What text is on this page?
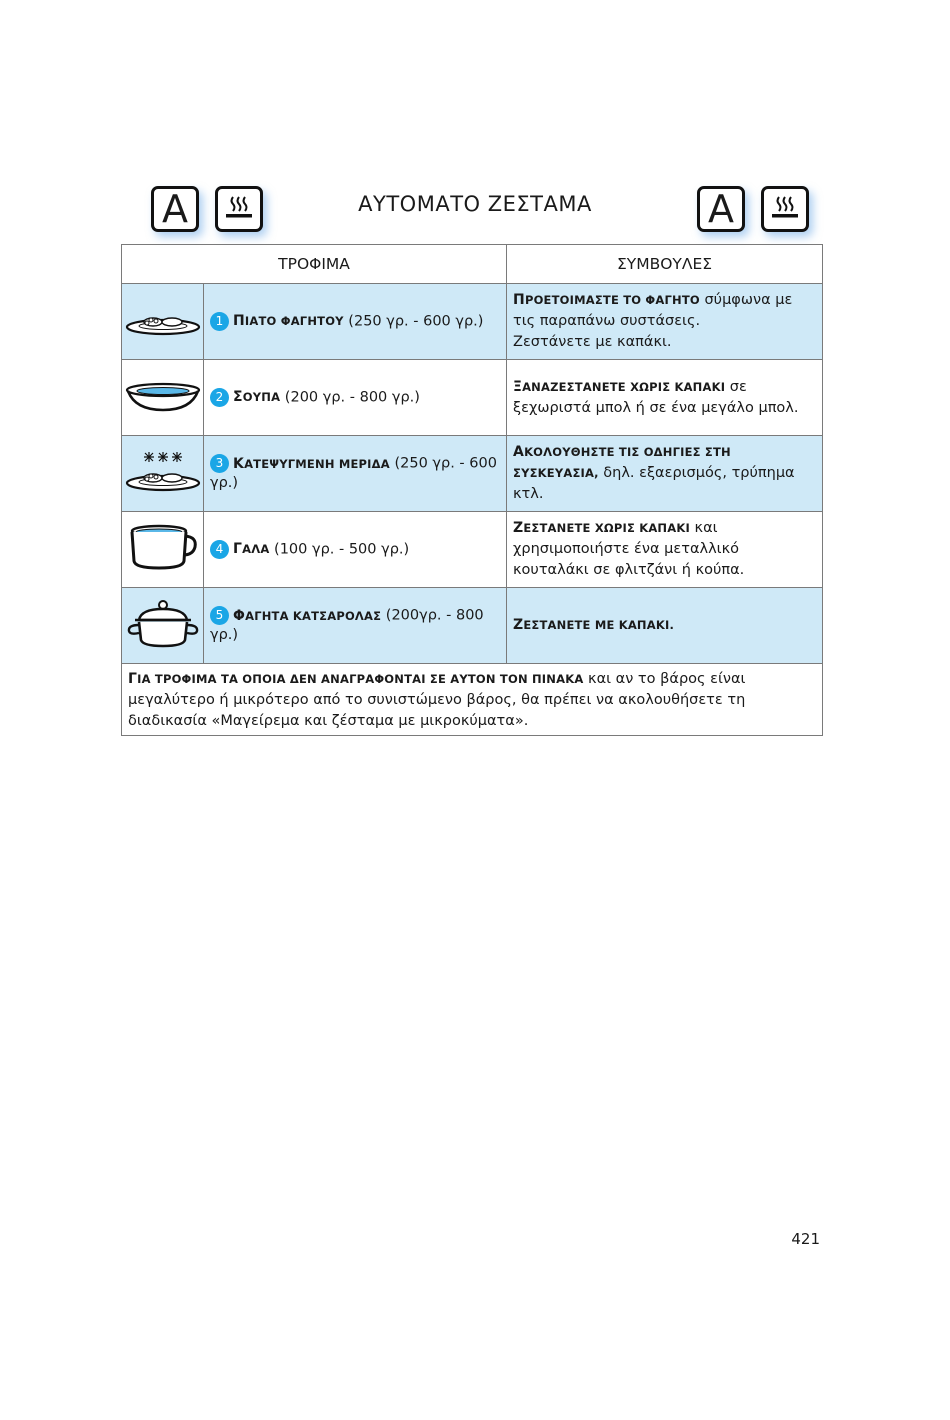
A	ΑΥΤΟΜΑΤΟ ΖΕΣΤΑΜΑ	A
ΤΡΟΦΙΜΑ		ΣΥΜΒΟΥΛΕΣ
	1 ΠΙΑΤΟ ΦΑΓΗΤΟΥ (250 γρ. - 600 γρ.)	ΠΡΟΕΤΟΙΜΑΣΤΕ ΤΟ ΦΑΓΗΤΟ σύμφωνα με τις παραπάνω συστάσεις.
Ζεστάνετε με καπάκι.
	2 ΣΟΥΠΑ (200 γρ. - 800 γρ.)	ΞΑΝΑΖΕΣΤΑΝΕΤΕ ΧΩΡΙΣ ΚΑΠΑΚΙ σε ξεχωριστά μπολ ή σε ένα μεγάλο μπολ.
	3 ΚΑΤΕΨΥΓΜΕΝΗ ΜΕΡΙΔΑ (250 γρ. - 600 γρ.)	ΑΚΟΛΟΥΘΗΣΤΕ ΤΙΣ ΟΔΗΓΙΕΣ ΣΤΗ ΣΥΣΚΕΥΑΣΙΑ, δηλ. εξαερισμός, τρύπημα κτλ.
	4 ΓΑΛΑ (100 γρ. - 500 γρ.)	ΖΕΣΤΑΝΕΤΕ ΧΩΡΙΣ ΚΑΠΑΚΙ και χρησιμοποιήστε ένα μεταλλικό κουταλάκι σε φλιτζάνι ή κούπα.
	5 ΦΑΓΗΤΑ ΚΑΤΣΑΡΟΛΑΣ (200γρ. - 800 γρ.)	ΖΕΣΤΑΝΕΤΕ ΜΕ ΚΑΠΑΚΙ.
ΓΙΑ ΤΡΟΦΙΜΑ ΤΑ ΟΠΟΙΑ ΔΕΝ ΑΝΑΓΡΑΦΟΝΤΑΙ ΣΕ ΑΥΤΟΝ ΤΟΝ ΠΙΝΑΚΑ και αν το βάρος είναι μεγαλύτερο ή μικρότερο από το συνιστώμενο βάρος, θα πρέπει να ακολουθήσετε τη διαδικασία «Μαγείρεμα και ζέσταμα με μικροκύματα».		
421
